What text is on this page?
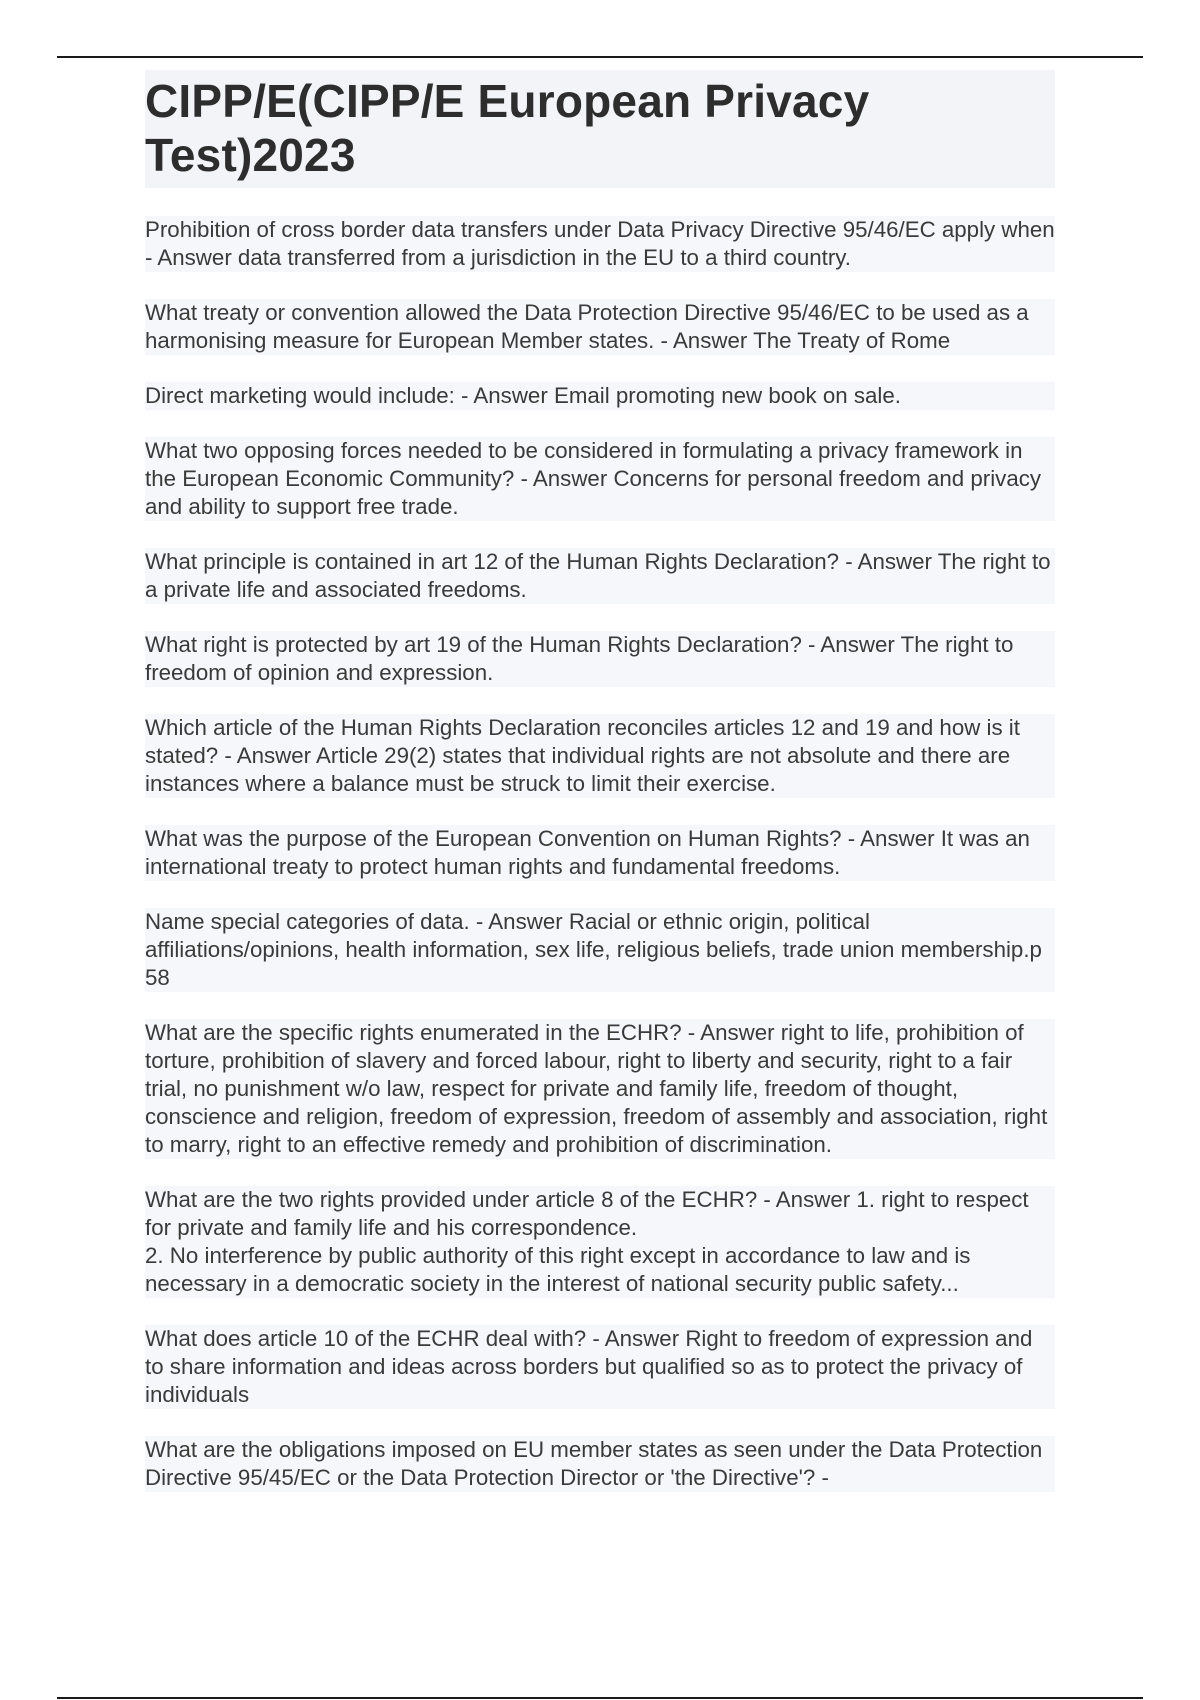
CIPP/E(CIPP/E European Privacy Test)2023

Prohibition of cross border data transfers under Data Privacy Directive 95/46/EC apply when - Answer data transferred from a jurisdiction in the EU to a third country.

What treaty or convention allowed the Data Protection Directive 95/46/EC to be used as a harmonising measure for European Member states. - Answer The Treaty of Rome

Direct marketing would include: - Answer Email promoting new book on sale.

What two opposing forces needed to be considered in formulating a privacy framework in the European Economic Community? - Answer Concerns for personal freedom and privacy and ability to support free trade.

What principle is contained in art 12 of the Human Rights Declaration? - Answer The right to a private life and associated freedoms.

What right is protected by art 19 of the Human Rights Declaration? - Answer The right to freedom of opinion and expression.

Which article of the Human Rights Declaration reconciles articles 12 and 19 and how is it stated? - Answer Article 29(2) states that individual rights are not absolute and there are instances where a balance must be struck to limit their exercise.

What was the purpose of the European Convention on Human Rights? - Answer It was an international treaty to protect human rights and fundamental freedoms.

Name special categories of data. - Answer Racial or ethnic origin, political affiliations/opinions, health information, sex life, religious beliefs, trade union membership.p 58

What are the specific rights enumerated in the ECHR? - Answer right to life, prohibition of torture, prohibition of slavery and forced labour, right to liberty and security, right to a fair trial, no punishment w/o law, respect for private and family life, freedom of thought, conscience and religion, freedom of expression, freedom of assembly and association, right to marry, right to an effective remedy and prohibition of discrimination.

What are the two rights provided under article 8 of the ECHR? - Answer 1. right to respect for private and family life and his correspondence.
2. No interference by public authority of this right except in accordance to law and is necessary in a democratic society in the interest of national security public safety...

What does article 10 of the ECHR deal with? - Answer Right to freedom of expression and to share information and ideas across borders but qualified so as to protect the privacy of individuals

What are the obligations imposed on EU member states as seen under the Data Protection Directive 95/45/EC or the Data Protection Director or 'the Directive'? -
